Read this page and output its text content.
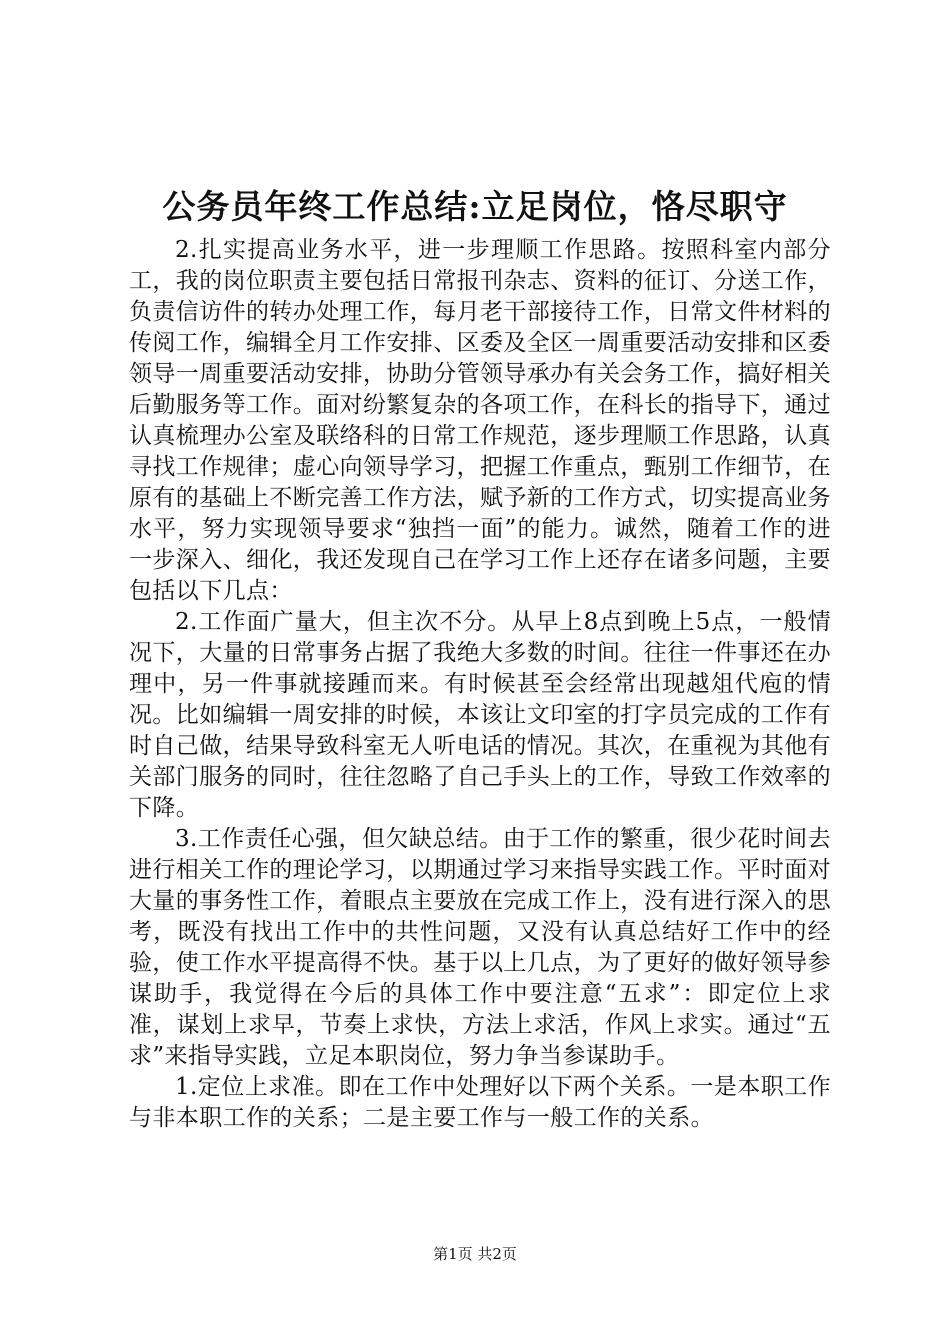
公务员年终工作总结:立足岗位，恪尽职守

2.扎实提高业务水平，进一步理顺工作思路。按照科室内部分工，我的岗位职责主要包括日常报刊杂志、资料的征订、分送工作，负责信访件的转办处理工作，每月老干部接待工作，日常文件材料的传阅工作，编辑全月工作安排、区委及全区一周重要活动安排和区委领导一周重要活动安排，协助分管领导承办有关会务工作，搞好相关后勤服务等工作。面对纷繁复杂的各项工作，在科长的指导下，通过认真梳理办公室及联络科的日常工作规范，逐步理顺工作思路，认真寻找工作规律；虚心向领导学习，把握工作重点，甄别工作细节，在原有的基础上不断完善工作方法，赋予新的工作方式，切实提高业务水平，努力实现领导要求“独挡一面”的能力。诚然，随着工作的进一步深入、细化，我还发现自己在学习工作上还存在诸多问题，主要包括以下几点：

2.工作面广量大，但主次不分。从早上8点到晚上5点，一般情况下，大量的日常事务占据了我绝大多数的时间。往往一件事还在办理中，另一件事就接踵而来。有时候甚至会经常出现越俎代庖的情况。比如编辑一周安排的时候，本该让文印室的打字员完成的工作有时自己做，结果导致科室无人听电话的情况。其次，在重视为其他有关部门服务的同时，往往忽略了自己手头上的工作，导致工作效率的下降。

3.工作责任心强，但欠缺总结。由于工作的繁重，很少花时间去进行相关工作的理论学习，以期通过学习来指导实践工作。平时面对大量的事务性工作，着眼点主要放在完成工作上，没有进行深入的思考，既没有找出工作中的共性问题，又没有认真总结好工作中的经验，使工作水平提高得不快。基于以上几点，为了更好的做好领导参谋助手，我觉得在今后的具体工作中要注意“五求”：即定位上求准，谋划上求早，节奏上求快，方法上求活，作风上求实。通过“五求”来指导实践，立足本职岗位，努力争当参谋助手。

1.定位上求准。即在工作中处理好以下两个关系。一是本职工作与非本职工作的关系；二是主要工作与一般工作的关系。

第1页 共2页
